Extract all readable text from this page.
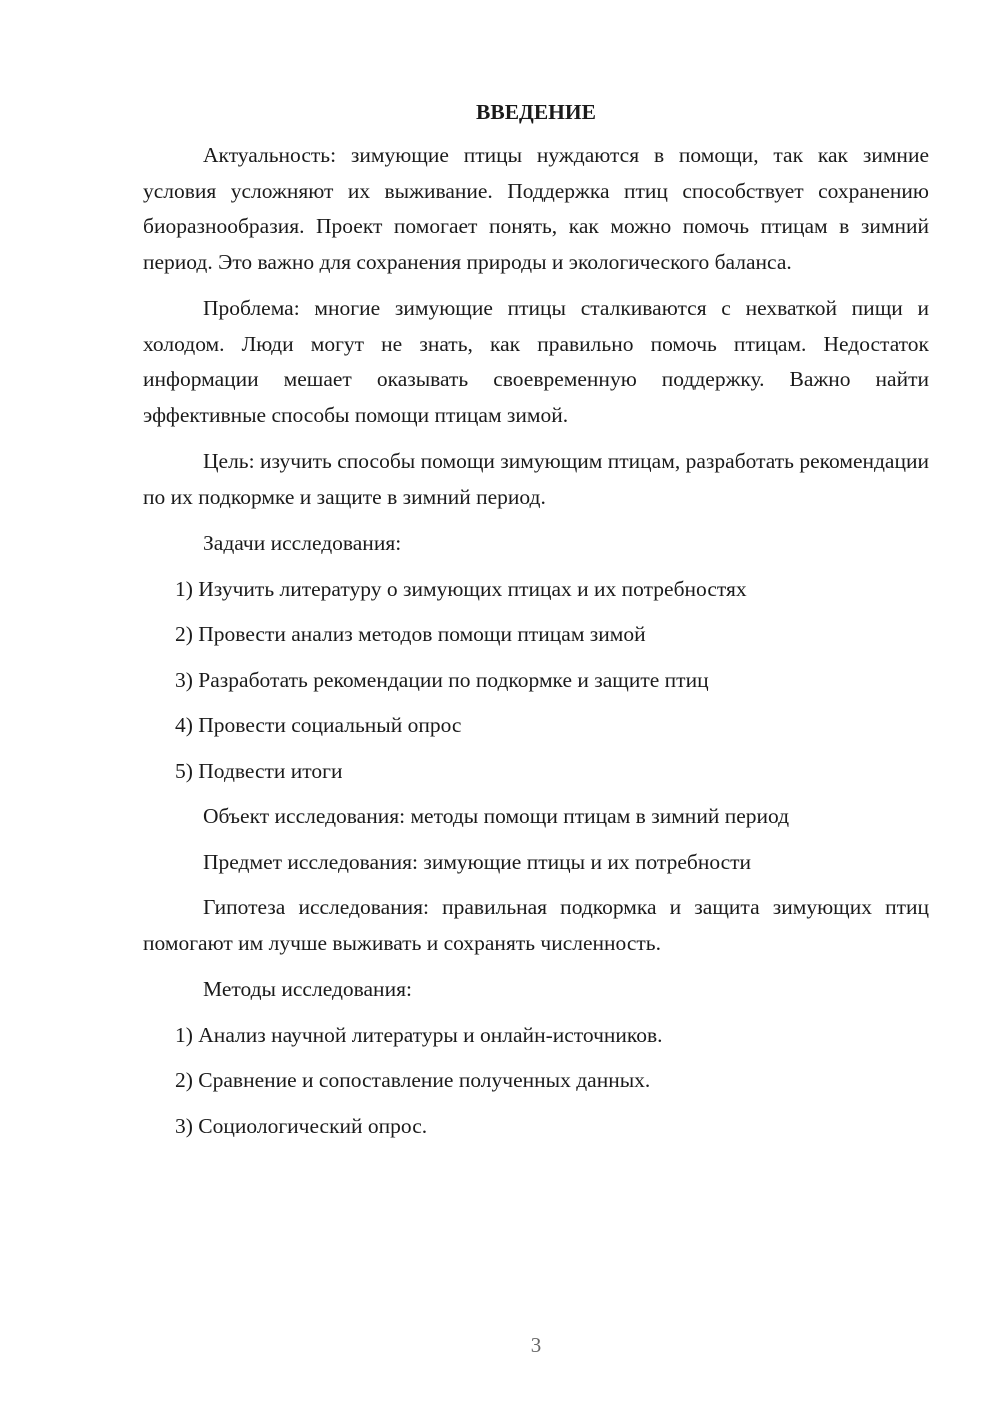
ВВЕДЕНИЕ

Актуальность: зимующие птицы нуждаются в помощи, так как зимние условия усложняют их выживание. Поддержка птиц способствует сохранению биоразнообразия. Проект помогает понять, как можно помочь птицам в зимний период. Это важно для сохранения природы и экологического баланса.

Проблема: многие зимующие птицы сталкиваются с нехваткой пищи и холодом. Люди могут не знать, как правильно помочь птицам. Недостаток информации мешает оказывать своевременную поддержку. Важно найти эффективные способы помощи птицам зимой.

Цель: изучить способы помощи зимующим птицам, разработать рекомендации по их подкормке и защите в зимний период.

Задачи исследования:
1) Изучить литературу о зимующих птицах и их потребностях
2) Провести анализ методов помощи птицам зимой
3) Разработать рекомендации по подкормке и защите птиц
4) Провести социальный опрос
5) Подвести итоги
Объект исследования: методы помощи птицам в зимний период
Предмет исследования: зимующие птицы и их потребности

Гипотеза исследования: правильная подкормка и защита зимующих птиц помогают им лучше выживать и сохранять численность.

Методы исследования:
1) Анализ научной литературы и онлайн-источников.
2) Сравнение и сопоставление полученных данных.
3) Социологический опрос.
3
